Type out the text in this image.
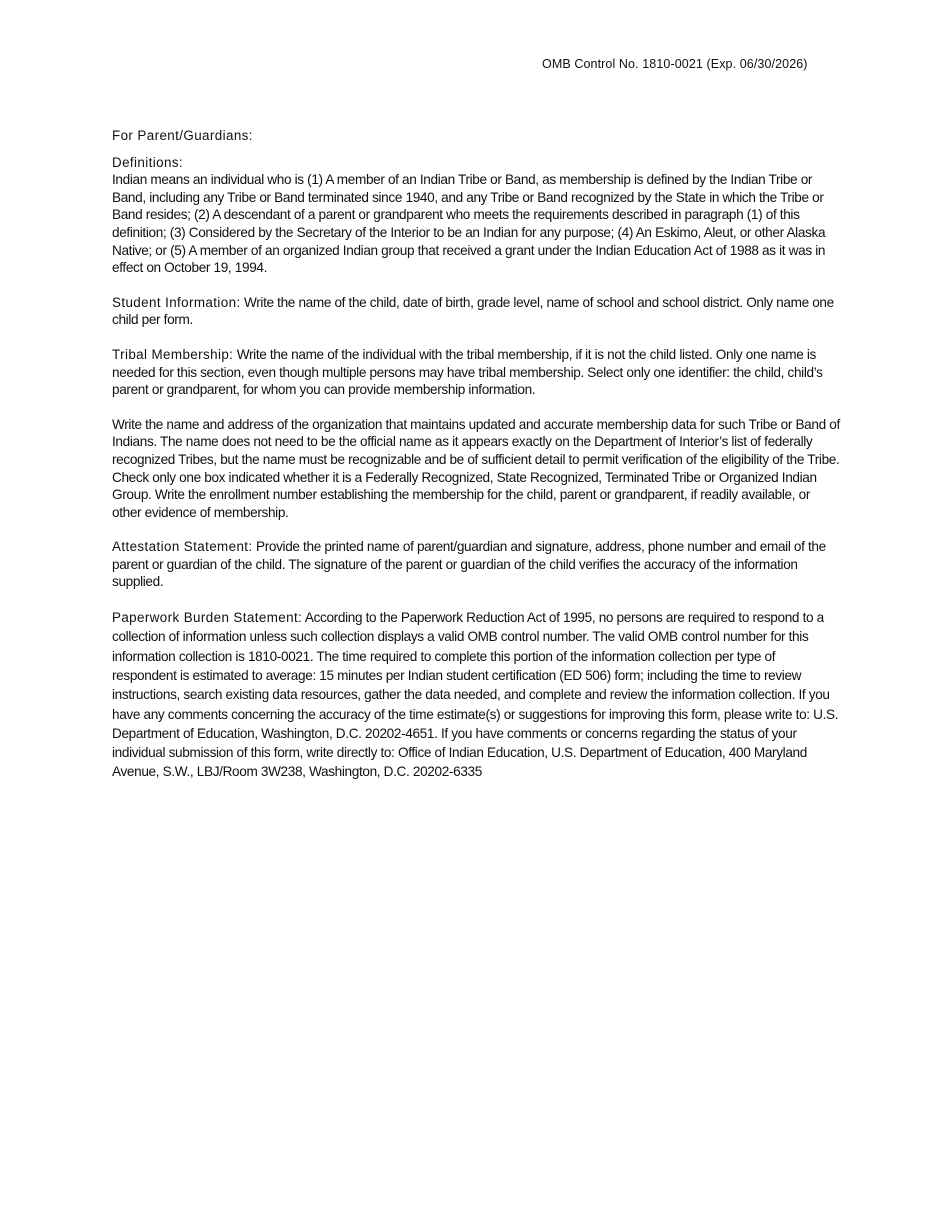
OMB Control No. 1810-0021 (Exp. 06/30/2026)

For Parent/Guardians:

Definitions:
Indian means an individual who is (1) A member of an Indian Tribe or Band, as membership is defined by the Indian Tribe or Band, including any Tribe or Band terminated since 1940, and any Tribe or Band recognized by the State in which the Tribe or Band resides; (2) A descendant of a parent or grandparent who meets the requirements described in paragraph (1) of this definition; (3) Considered by the Secretary of the Interior to be an Indian for any purpose; (4) An Eskimo, Aleut, or other Alaska Native; or (5) A member of an organized Indian group that received a grant under the Indian Education Act of 1988 as it was in effect on October 19, 1994.

Student Information: Write the name of the child, date of birth, grade level, name of school and school district. Only name one child per form.

Tribal Membership: Write the name of the individual with the tribal membership, if it is not the child listed. Only one name is needed for this section, even though multiple persons may have tribal membership. Select only one identifier: the child, child’s parent or grandparent, for whom you can provide membership information.

Write the name and address of the organization that maintains updated and accurate membership data for such Tribe or Band of Indians. The name does not need to be the official name as it appears exactly on the Department of Interior’s list of federally recognized Tribes, but the name must be recognizable and be of sufficient detail to permit verification of the eligibility of the Tribe. Check only one box indicated whether it is a Federally Recognized, State Recognized, Terminated Tribe or Organized Indian Group. Write the enrollment number establishing the membership for the child, parent or grandparent, if readily available, or other evidence of membership.

Attestation Statement: Provide the printed name of parent/guardian and signature, address, phone number and email of the parent or guardian of the child. The signature of the parent or guardian of the child verifies the accuracy of the information supplied.

Paperwork Burden Statement: According to the Paperwork Reduction Act of 1995, no persons are required to respond to a collection of information unless such collection displays a valid OMB control number. The valid OMB control number for this information collection is 1810-0021. The time required to complete this portion of the information collection per type of respondent is estimated to average: 15 minutes per Indian student certification (ED 506) form; including the time to review instructions, search existing data resources, gather the data needed, and complete and review the information collection. If you have any comments concerning the accuracy of the time estimate(s) or suggestions for improving this form, please write to: U.S. Department of Education, Washington, D.C. 20202-4651. If you have comments or concerns regarding the status of your individual submission of this form, write directly to: Office of Indian Education, U.S. Department of Education, 400 Maryland Avenue, S.W., LBJ/Room 3W238, Washington, D.C. 20202-6335
